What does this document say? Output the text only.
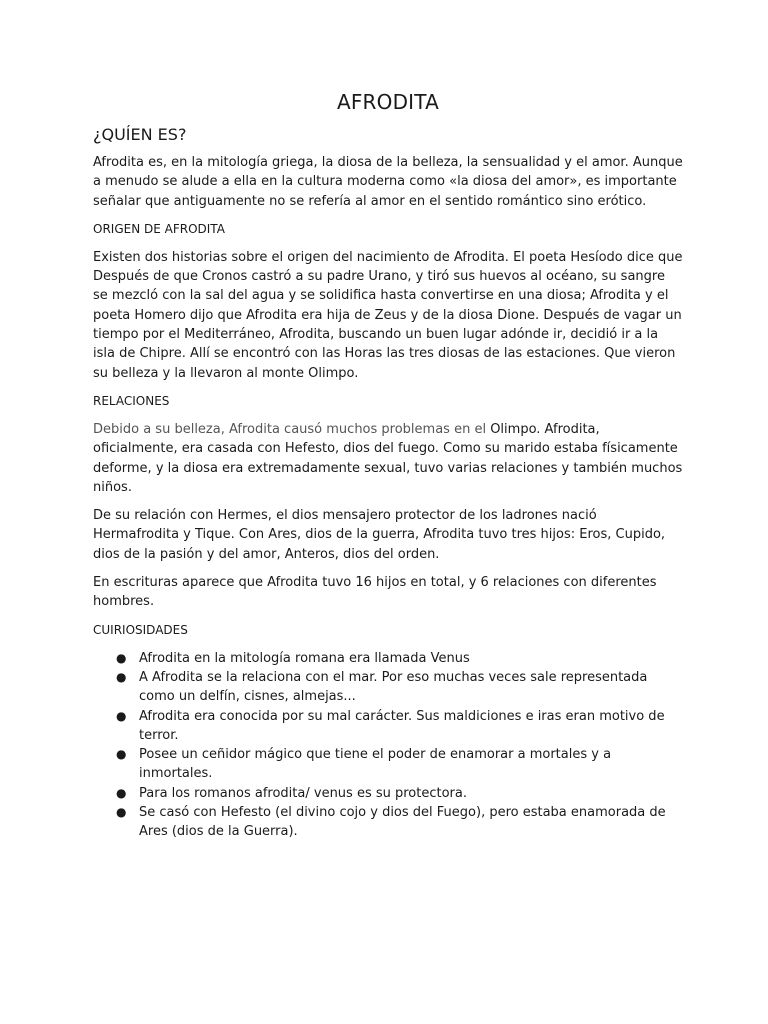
AFRODITA
¿QUÍEN ES?

Afrodita es, en la mitología griega, la diosa de la belleza, la sensualidad y el amor. Aunque a menudo se alude a ella en la cultura moderna como «la diosa del amor», es importante señalar que antiguamente no se refería al amor en el sentido romántico sino erótico.

ORIGEN DE AFRODITA

Existen dos historias sobre el origen del nacimiento de Afrodita. El poeta Hesíodo dice que Después de que Cronos castró a su padre Urano, y tiró sus huevos al océano, su sangre se mezcló con la sal del agua y se solidifica hasta convertirse en una diosa; Afrodita y el poeta Homero dijo que Afrodita era hija de Zeus y de la diosa Dione. Después de vagar un tiempo por el Mediterráneo, Afrodita, buscando un buen lugar adónde ir, decidió ir a la isla de Chipre. Allí se encontró con las Horas las tres diosas de las estaciones. Que vieron su belleza y la llevaron al monte Olimpo.

RELACIONES

Debido a su belleza, Afrodita causó muchos problemas en el Olimpo. Afrodita, oficialmente, era casada con Hefesto, dios del fuego. Como su marido estaba físicamente deforme, y la diosa era extremadamente sexual, tuvo varias relaciones y también muchos niños.

De su relación con Hermes, el dios mensajero protector de los ladrones nació Hermafrodita y Tique. Con Ares, dios de la guerra, Afrodita tuvo tres hijos: Eros, Cupido, dios de la pasión y del amor, Anteros, dios del orden.

En escrituras aparece que Afrodita tuvo 16 hijos en total, y 6 relaciones con diferentes hombres.

CUIRIOSIDADES
● Afrodita en la mitología romana era llamada Venus
● A Afrodita se la relaciona con el mar. Por eso muchas veces sale representada como un delfín, cisnes, almejas...
● Afrodita era conocida por su mal carácter. Sus maldiciones e iras eran motivo de terror.
● Posee un ceñidor mágico que tiene el poder de enamorar a mortales y a inmortales.
● Para los romanos afrodita/ venus es su protectora.
● Se casó con Hefesto (el divino cojo y dios del Fuego), pero estaba enamorada de Ares (dios de la Guerra).
